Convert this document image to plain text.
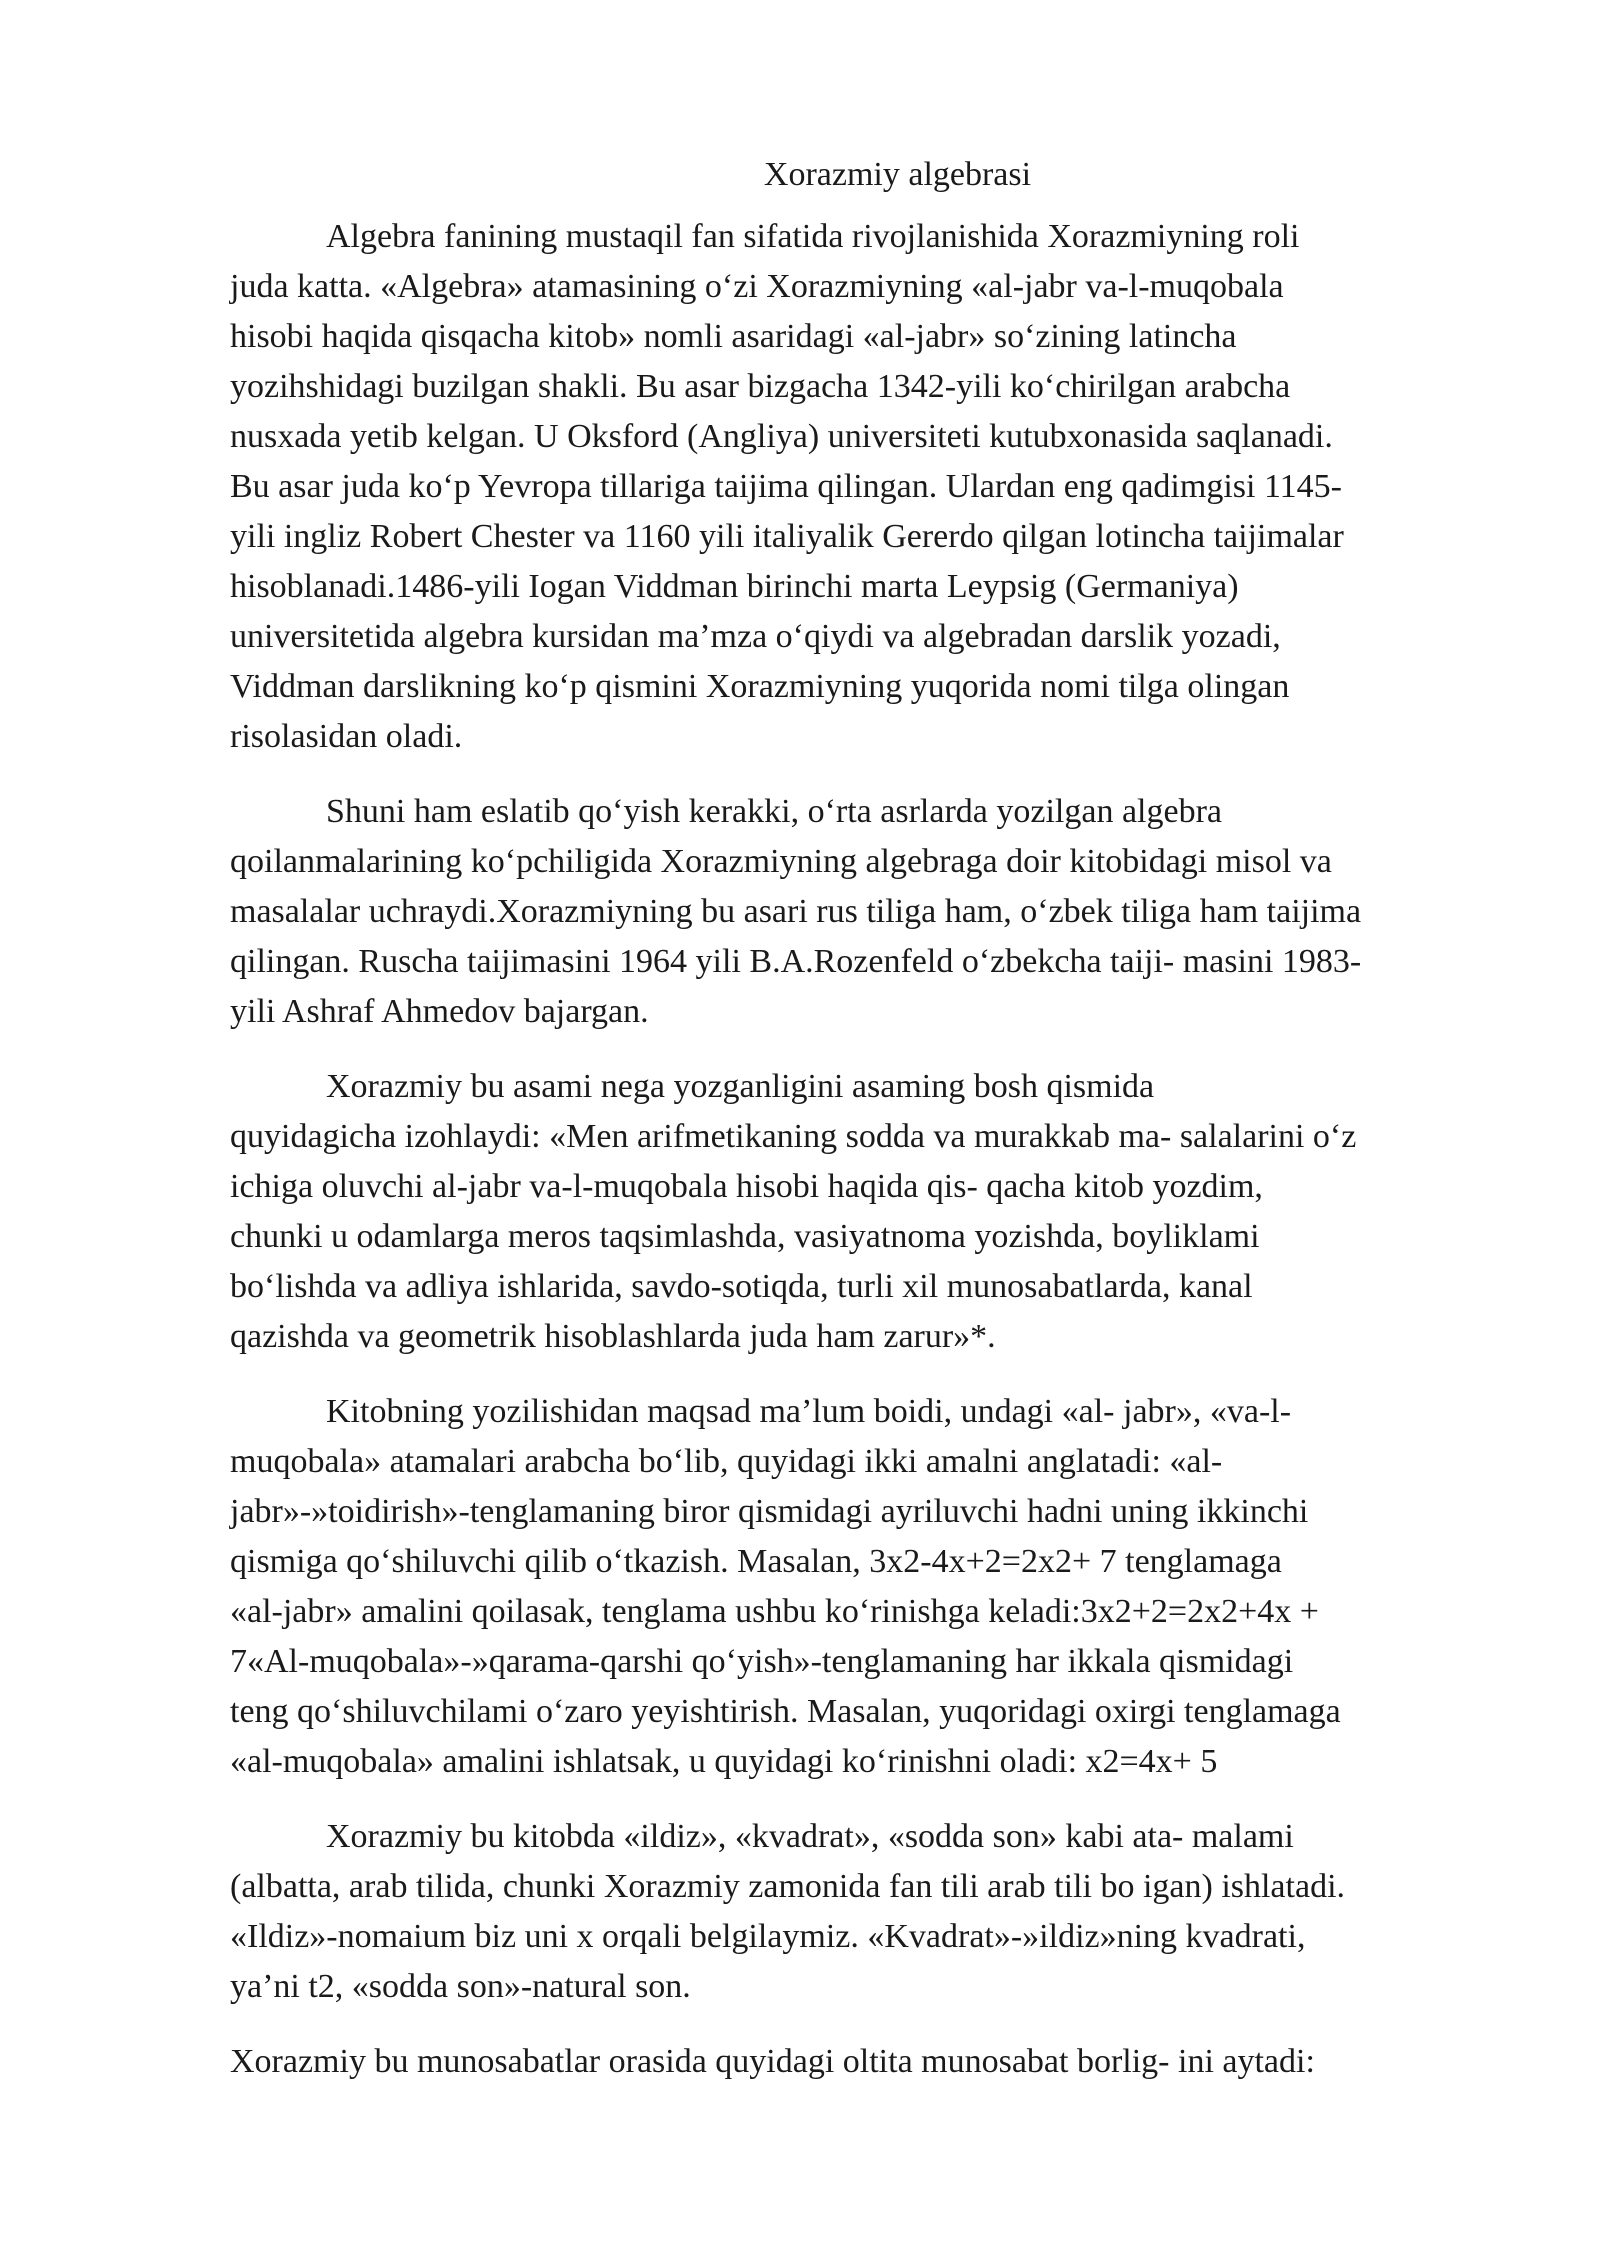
Xorazmiy algebrasi
Algebra fanining mustaqil fan sifatida rivojlanishida Xorazmiyning roli
juda katta. «Algebra» atamasining o‘zi Xorazmiyning «al-jabr va-l-muqobala
hisobi haqida qisqacha kitob» nomli asaridagi «al-jabr» so‘zining latincha
yozihshidagi buzilgan shakli. Bu asar bizgacha 1342-yili ko‘chirilgan arabcha
nusxada yetib kelgan. U Oksford (Angliya) universiteti kutubxonasida saqlanadi.
Bu asar juda ko‘p Yevropa tillariga taijima qilingan. Ulardan eng qadimgisi 1145-
yili ingliz Robert Chester va 1160 yili italiyalik Gererdo qilgan lotincha taijimalar
hisoblanadi.1486-yili Iogan Viddman birinchi marta Leypsig (Germaniya)
universitetida algebra kursidan ma’mza o‘qiydi va algebradan darslik yozadi,
Viddman darslikning ko‘p qismini Xorazmiyning yuqorida nomi tilga olingan
risolasidan oladi.
Shuni ham eslatib qo‘yish kerakki, o‘rta asrlarda yozilgan algebra
qoilanmalarining ko‘pchiligida Xorazmiyning algebraga doir kitobidagi misol va
masalalar uchraydi.Xorazmiyning bu asari rus tiliga ham, o‘zbek tiliga ham taijima
qilingan. Ruscha taijimasini 1964 yili B.A.Rozenfeld o‘zbekcha taiji- masini 1983-
yili Ashraf Ahmedov bajargan.
Xorazmiy bu asami nega yozganligini asaming bosh qismida
quyidagicha izohlaydi: «Men arifmetikaning sodda va murakkab ma- salalarini o‘z
ichiga oluvchi al-jabr va-l-muqobala hisobi haqida qis- qacha kitob yozdim,
chunki u odamlarga meros taqsimlashda, vasiyatnoma yozishda, boyliklami
bo‘lishda va adliya ishlarida, savdo-sotiqda, turli xil munosabatlarda, kanal
qazishda va geometrik hisoblashlarda juda ham zarur»*.
Kitobning yozilishidan maqsad ma’lum boidi, undagi «al- jabr», «va-l-
muqobala» atamalari arabcha bo‘lib, quyidagi ikki amalni anglatadi: «al-
jabr»-»toidirish»-tenglamaning biror qismidagi ayriluvchi hadni uning ikkinchi
qismiga qo‘shiluvchi qilib o‘tkazish. Masalan, 3x2-4x+2=2x2+ 7 tenglamaga
«al-jabr» amalini qoilasak, tenglama ushbu ko‘rinishga keladi:3x2+2=2x2+4x +
7«Al-muqobala»-»qarama-qarshi qo‘yish»-tenglamaning har ikkala qismidagi
teng qo‘shiluvchilami o‘zaro yeyishtirish. Masalan, yuqoridagi oxirgi tenglamaga
«al-muqobala» amalini ishlatsak, u quyidagi ko‘rinishni oladi: x2=4x+ 5
Xorazmiy bu kitobda «ildiz», «kvadrat», «sodda son» kabi ata- malami
(albatta, arab tilida, chunki Xorazmiy zamonida fan tili arab tili bo igan) ishlatadi.
«Ildiz»-nomaium biz uni x orqali belgilaymiz. «Kvadrat»-»ildiz»ning kvadrati,
ya’ni t2, «sodda son»-natural son.
Xorazmiy bu munosabatlar orasida quyidagi oltita munosabat borlig- ini aytadi:
